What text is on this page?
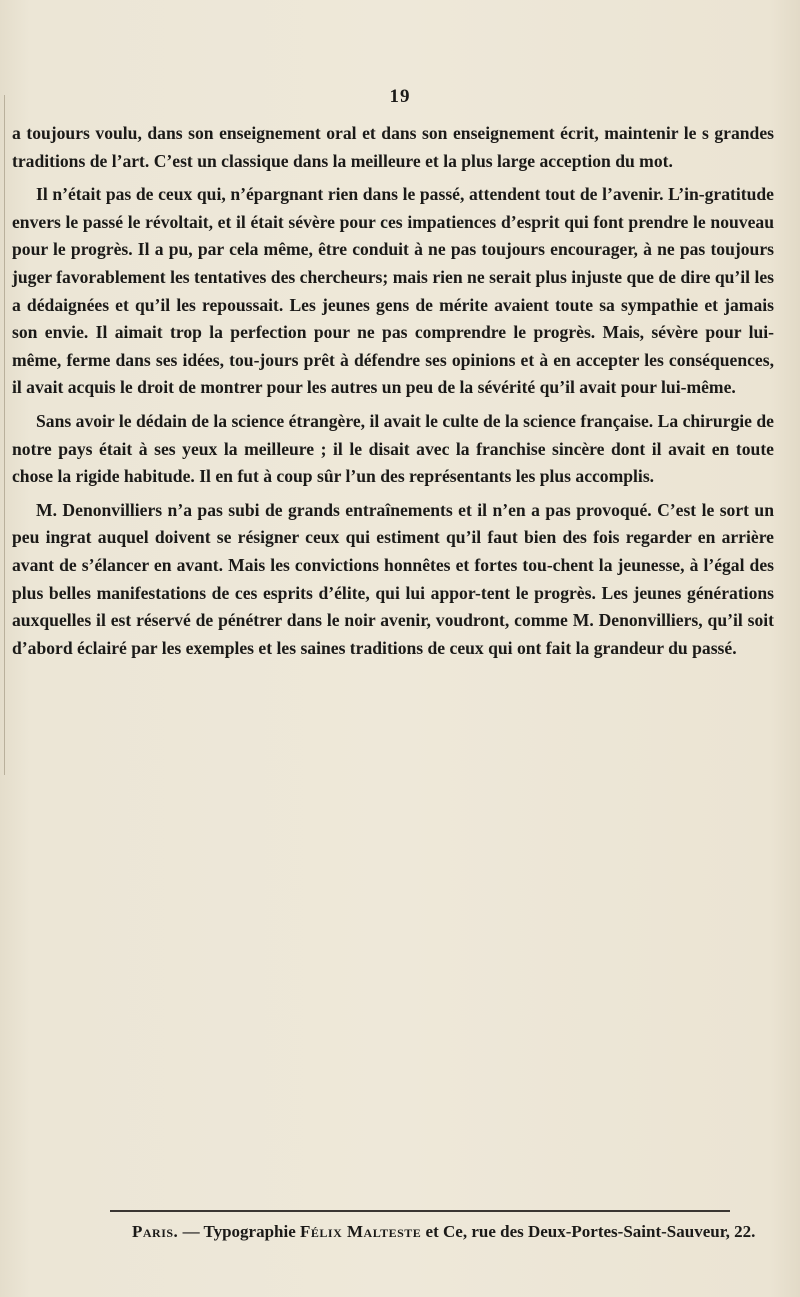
19

a toujours voulu, dans son enseignement oral et dans son enseignement écrit, maintenir le s grandes traditions de l’art. C’est un classique dans la meilleure et la plus large acception du mot.

Il n’était pas de ceux qui, n’épargnant rien dans le passé, attendent tout de l’avenir. L’in-gratitude envers le passé le révoltait, et il était sévère pour ces impatiences d’esprit qui font prendre le nouveau pour le progrès. Il a pu, par cela même, être conduit à ne pas toujours encourager, à ne pas toujours juger favorablement les tentatives des chercheurs; mais rien ne serait plus injuste que de dire qu’il les a dédaignées et qu’il les repoussait. Les jeunes gens de mérite avaient toute sa sympathie et jamais son envie. Il aimait trop la perfection pour ne pas comprendre le progrès. Mais, sévère pour lui-même, ferme dans ses idées, tou-jours prêt à défendre ses opinions et à en accepter les conséquences, il avait acquis le droit de montrer pour les autres un peu de la sévérité qu’il avait pour lui-même.

Sans avoir le dédain de la science étrangère, il avait le culte de la science française. La chirurgie de notre pays était à ses yeux la meilleure ; il le disait avec la franchise sincère dont il avait en toute chose la rigide habitude. Il en fut à coup sûr l’un des représentants les plus accomplis.

M. Denonvilliers n’a pas subi de grands entraînements et il n’en a pas provoqué. C’est le sort un peu ingrat auquel doivent se résigner ceux qui estiment qu’il faut bien des fois regarder en arrière avant de s’élancer en avant. Mais les convictions honnêtes et fortes tou-chent la jeunesse, à l’égal des plus belles manifestations de ces esprits d’élite, qui lui appor-tent le progrès. Les jeunes générations auxquelles il est réservé de pénétrer dans le noir avenir, voudront, comme M. Denonvilliers, qu’il soit d’abord éclairé par les exemples et les saines traditions de ceux qui ont fait la grandeur du passé.

Paris. — Typographie Félix Malteste et Ce, rue des Deux-Portes-Saint-Sauveur, 22.
